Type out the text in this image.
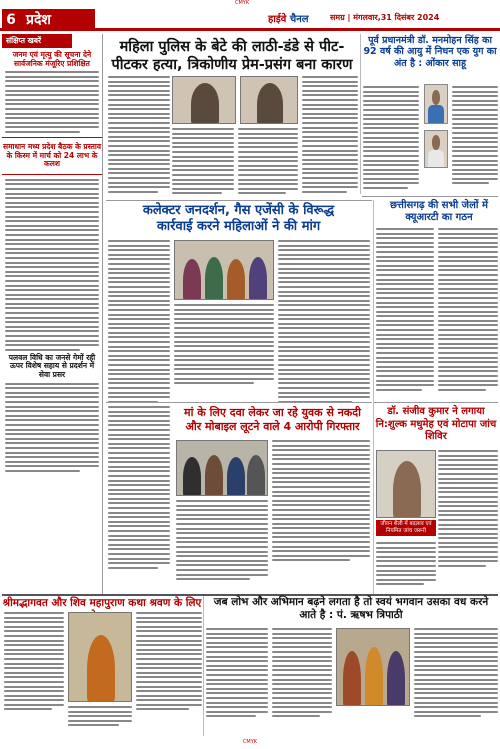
CMYK
6 प्रदेश	हाईवे चैनल	समग्र | मंगलवार,31 दिसंबर 2024
संक्षिप्त खबरें
जनम एवं मृत्यु की सूचना देने सार्वजनिक मंजूरिए प्रशिक्षित
समाधान मध्य प्रदेश बैठक के प्रस्ताव के किस्म में मार्च को 24 लाभ के कलश
पलवल विधि का जनसे गेमों रही ऊपर विशेष सहाय से प्रदर्शन में सेवा प्रसर
महिला पुलिस के बेटे की लाठी-डंडे से पीट-
पीटकर हत्या, त्रिकोणीय प्रेम-प्रसंग बना कारण
पूर्व प्रधानमंत्री डॉ. मनमोहन सिंह का 92 वर्ष की आयु में निधन एक युग का अंत है : ओंकार साहू
छत्तीसगढ़ की सभी जेलों में क्यूआरटी का गठन
कलेक्टर जनदर्शन, गैस एजेंसी के विरूद्ध
कार्रवाई करने महिलाओं ने की मांग
मां के लिए दवा लेकर जा रहे युवक से नकदी और मोबाइल लूटने वाले 4 आरोपी गिरफ्तार
डॉ. संजीव कुमार ने लगाया नि:शुल्क मधुमेह एवं मोटापा जांच शिविर
जीवन शैली में बदलाव एवं नियमित जांच जरूरी
श्रीमद्भागवत और शिव महापुराण कथा श्रवण के लिए	जब लोभ और अभिमान बढ़ने लगता है तो स्वयं भगवान उसका वध करने आते है : पं. ऋषभ त्रिपाठी
CMYK
